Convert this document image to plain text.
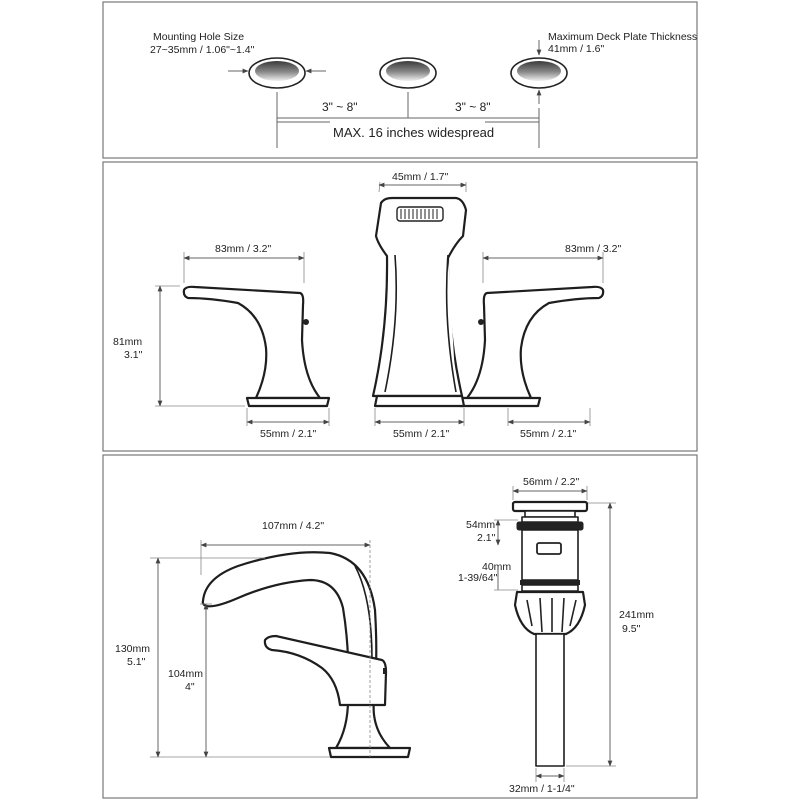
Mounting Hole Size
27~35mm / 1.06"~1.4"
Maximum Deck Plate Thickness
41mm / 1.6"
3" ~ 8"	3" ~ 8"
MAX. 16 inches widespread
45mm / 1.7"
83mm / 3.2"	83mm / 3.2"
81mm
3.1"
55mm / 2.1"	55mm / 2.1"	55mm / 2.1"
107mm / 4.2"
130mm
5.1"
104mm
4"
56mm / 2.2"
54mm
2.1"
40mm
1-39/64"
241mm
9.5"
32mm / 1-1/4"
